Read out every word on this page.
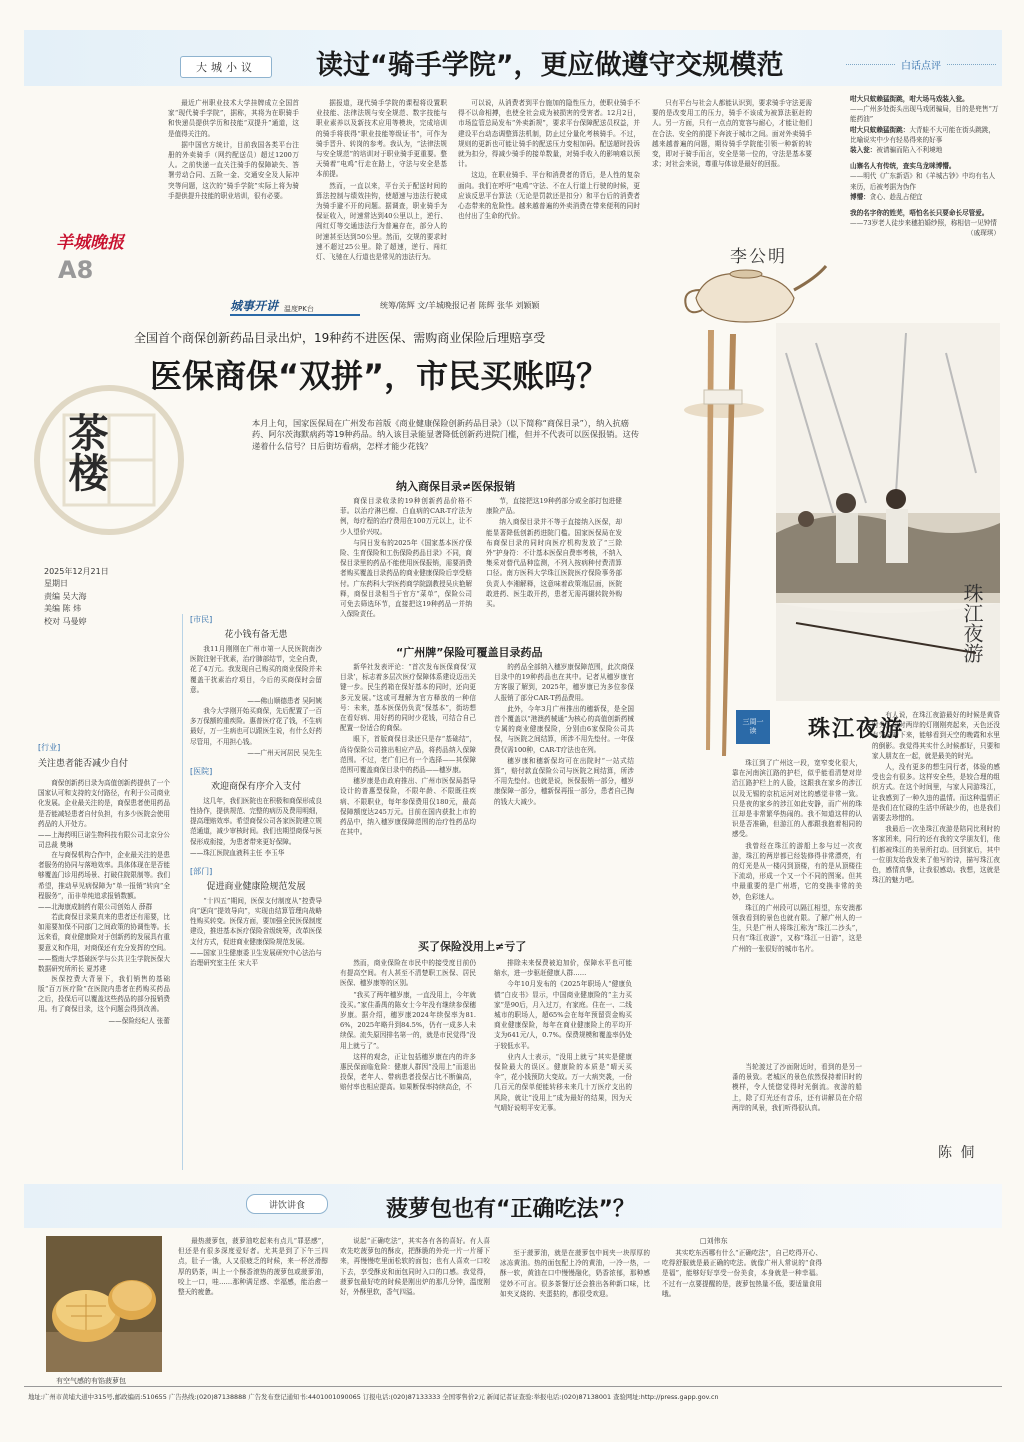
大城小议 读过“骑手学院”，更应做遵守交规模范
羊城晚报
A8

最近广州职业技术大学挂牌成立全国首家“现代骑手学院”，据称，其将为在职骑手和快递员提供学历和技能“双提升”通道，这是值得关注的。

据中国官方统计，目前我国各类平台注册的外卖骑手（网约配送员）超过1200万人。之前快递一直关注骑手的保障缺失、答署劳动合同、五险一金、交通安全及人际冲突等问题，这次的“骑手学院”实际上将为骑手提供提升技能的职业培训，很有必要。

据报道，现代骑手学院的课程将设置职业技能、法律法规与安全规范、数字技能与职业素养以及新技术应用等模块，完成培训的骑手将获得“职业技能等级证书”，可作为骑手晋升、转岗的参考。我认为，“法律法规与安全规范”的培训对于职业骑手更重要。整天骑着“电鸡”行走在路上，守法与安全是基本前提。

然而，一直以来，平台关于配送时间的算法控制与绩效挂钩，使超速与违法行驶成为骑手避不开的问题。据调查，职业骑手为保证收入，时速常达到40公里以上，逆行、闯红灯等交通违法行为普遍存在，部分人的时速甚至达到50公里。然而，交规的要求时速不超过25公里。除了超速，逆行、闯红灯、飞驰在人行道也是常见的违法行为。

可以说，从消费者到平台施加的隐性压力，使职业骑手不得不以命相搏，也使全社会成为被损害的受害者。12月2日，市场监管总局发布“外卖新规”，要求平台保障配送员权益，并建设平台动态调整算法机制，防止过分量化考核骑手。不过，规则的更新也可能让骑手的配送压力变相加码。配送超时投诉就为扣分，得减少骑手的接单数量，对骑手收入的影响难以预计。

这边，在职业骑手、平台和消费者的背后，是人性的复杂面向。我们在呼吁“电鸡”守法、不在人行道上行驶的时候，更应该反思平台算法（无论是罚款还是扣分）和平台后的消费者心态带来的危险性。越来越普遍的外卖消费在带来便利的同时也付出了生命的代价。

只有平台与社会人都能认识到，要求骑手守法更需要的是改变用工的压力，骑手不该成为被算法驱赶的人。另一方面，只有一点点的宽容与耐心，才能让他们在合法、安全的前提下奔波于城市之间。面对外卖骑手越来越普遍的问题，期待骑手学院能引领一种新的转变，即对于骑手而言，安全是第一位的，守法是基本要求；对社会来说，尊重与体谅是最好的回报。

李公明
白话点评
咁大只蚊赖猛街跳，咁大场马戏装入瓮。
——广州多处街头出现马戏团骗局，目的是兜售“万能药油”
咁大只蚊赖猛街跳：大青蛙不大可能在街头跳跳，比喻说实中少有轻易得来的好事
装入瓮：被请骗而陷入不利境地
山寨名人有传统，查实乌龙咪博懵。
——明代《广东新语》和《羊城古钞》中均有名人来历，后被考据为伪作
博懵：贪心、趁乱占便宜
我的名字你的姓芜，唔怕名长只要命长尽管爱。
——73岁老人徒步来穗拍婚纱照，称相信一见钟情
（戚琛琪）
城事开讲 温度PK台	统筹/陈辉 文/羊城晚报记者 陈辉 张华 刘颖颖
全国首个商保创新药品目录出炉，19种药不进医保、需购商业保险后理赔享受
医保商保“双拼”，市民买账吗？
本月上旬，国家医保局在广州发布首版《商业健康保险创新药品目录》（以下简称“商保目录”），纳入抗癌药、阿尔茨海默病药等19种药品。纳入该目录能显著降低创新药进院门槛，但并不代表可以医保报销。这传递着什么信号？日后街坊看病，怎样才能少花钱？
珠江夜游
纳入商保目录≠医保报销

商保目录收录的19种创新药品价格不菲。以治疗淋巴瘤、白血病的CAR-T疗法为例，每疗程的治疗费用在100万元以上，让不少人望价兴叹。

与同日发布的2025年《国家基本医疗保险、生育保险和工伤保险药品目录》不同，商保目录里的药品不能使用医保报销，需要消费者购买覆盖目录药品的商业健康保险后享受赔付。广东药科大学医药商学院副教授吴庆艳解释，商保目录相当于官方“菜单”，保险公司可免去筛选环节，直接把这19种药品一并纳入保险责任。

节，直接把这19种药部分或全部打包进健康险产品。

纳入商保目录并不等于直接纳入医保，却能显著降低创新药进院门槛。国家医保局在发布商保目录的同时向医疗机构发放了“三除外”护身符：不计基本医保自费率考核，不纳入集采对替代品种监测，不列入按病种付费清算口径。南方医科大学珠江医院医疗保险事务部负责人李湘解释，这意味着政策端层面，医院敢进药、医生敢开药，患者无需再辗转院外购买。

“广州牌”保险可覆盖目录药品

新华社发表评论：“首次发布医保商保‘双目录’，标志着多层次医疗保障体系建设迈出关键一步。民生药箱在保好基本的同时，还向更多元发展。”这或可理解为官方释放的一种信号：未来，基本医保仍负责“保基本”，街坊想在看好病、用好药的同时少花钱，可结合自己配置一份适合的商保。

眼下，首版商保目录还只是存“基础结”，尚待保险公司推出相应产品，将药品纳入保障范围。不过，老广们已有一个选择——其保障范围可覆盖商保目录中的药品——穗岁康。

穗岁康是由政府推出、广州市医保局指导设计的普惠型保险，不限年龄、不限既往疾病、不限职业，每年参保费用仅180元，最高保障额度达245万元。目前在国内获批上市的药品中，纳入穗岁康保障范围的治疗性药品均在其中。

的药品全部纳入穗岁康保障范围，此次商保目录中的19种药品也在其中。记者从穗岁康官方客服了解到，2025年，穗岁康已为多位参保人报销了部分CAR-T药品费用。

此外，今年3月广州推出的穗新保，是全国首个覆盖以“港澳药械通”为核心的高值创新药械专属的商业健康保险，分别由6家保险公司共保，与医院之间结算，所涉不用先垫付。一年保费仅需100种，CAR-T疗法也在列。

穗岁康和穗新保均可在出院时“一站式结算”，赔付款直保险公司与医院之间结算，所涉不用先垫付。也就是说，医保报销一部分，穗岁康保障一部分，穗新保再报一部分，患者自己掏的钱大大减少。

买了保险没用上≠亏了

然而，商业保险在市民中的接受度目前仍有提高空间。有人甚至不清楚职工医保、居民医保、穗岁康等的区别。

“我买了两年穗岁康，一直没用上，今年就没买。”家住番禺的陈女士今年没有继续参保穗岁康。据介绍，穗岁康2024年续保率为81.6%，2025年略升到84.5%，仍有一成多人未续保。流失原因排名第一的，就是市民觉得“没用上就亏了”。

这样的观念，正让包括穗岁康在内的许多惠民保面临危险：健康人群因“没用上”而退出投保，老年人、带病患者投保占比不断偏高，赔付率也相应提高。如果断保率持续高企，不

排除未来保费被迫加价，保障水平也可能缩水，进一步驱赶健康人群……

今年10月发布的《2025年职场人“健康负债”白皮书》显示，中国商业健康险的“主力买家”是90后，月入过万，有家庭。住在一、二线城市的职场人，超65%会在每年预留资金购买商业健康保险，每年在商业健康险上的平均开支为641元/人，0.7%。保费规模和覆盖率仍处于较低水平。

业内人士表示，“没用上就亏”其实是健康保险最大的误区。健康险的本质是“晴天买伞”，花小钱预防大变故。万一大病突袭，一份几百元的保单便能转移未来几十万医疗支出的风险，就让“没用上”成为最好的结果，因为天气晴好说明平安无事。

茶楼
2025年12月21日
星期日
责编 吴大海
美编 陈 炜
校对 马曼婷
[行业]
关注患者能否减少自付

商保创新药目录为高值创新药提供了一个国家认可和支持的支付路径，有利于公司商业化发展。企业最关注的是，商保患者使用药品是否能减轻患者自付负担，有多少医院会使用药品的人开处方。

——上海药明巨诺生物科技有限公司北京分公司总裁 樊琳

在与商保机构合作中，企业最关注的是患者服务的协同与落地效率。具体体现在是否能够覆盖门诊用药场景、打破住院限制等。我们希望，推动早见病保障为“单一报销”转向“全程服务”，而非单纯追求报销数额。

——北海康成制药有限公司创始人 薛群

若此商保目录果真来的患者还有需要，比如需要加保不同部门之间政策的协调性等。长远来看，商业健康险对于创新药的发展具有重要意义和作用，对商保还有充分发挥的空间。

——暨南大学基础医学与公共卫生学院医保大数据研究所所长 夏苏建

医保控费大背景下，我们销售的基础版“百万医疗险”在医院内患者在药购买药品之后，投保后可以覆盖这些药品的部分报销费用。有了商保目录，这个问题会得到改善。

——保险经纪人 张蕾
[市民]
花小钱有备无患

我11月刚刚在广州市第一人民医院南沙医院注射干扰素，治疗肺部结节，完全自费，花了4万元。我发现自己购买的商业保险并未覆盖干扰素治疗项目，今后的买商保时会留意。

——佛山顺德患者 吴阿姨

我今大学刚开始买商保，先后配置了一百多万保额的重疾险。惠普医疗花了钱，不生病最好，万一生病也可以跟医生说，有什么好药尽管用，不用担心钱。

——广州天河居民 吴先生
[医院]
欢迎商保有序介入支付

这几年，我们医院也在积极和商保形成良性协作，提供规范、完整的病历及费用明细，提高理赔效率。希望商保公司各家医院建立规范通道，减少审核时间。我们也期望商保与医保形成衔接，为患者带来更好保障。

——珠江医院血液科主任 李玉华
[部门]
促进商业健康险规范发展

“十四五”期间，医保支付制度从“控费导向”逐向“提效导向”，实现由结算管理向战略性购买转变。医保方面，要加强全民医保制度建设，推进基本医疗保险省级统筹，改革医保支付方式，促进商业健康保险规范发展。

——国家卫生健康委卫生发展研究中心法治与治理研究室主任 宋大平
三周一读	珠江夜游

珠江到了广州这一段，宽窄变化很大，靠在河南滨江路的护栏，似乎能看清楚对岸沿江路护栏上的人脸，这跟我在家乡的涉江以及无锡的京杭运河对比的感觉非常一致。只是夜的家乡的涉江如此安静，而广州的珠江却是非常繁华热闹的。我不知道这样的认识是否准确，但游江的人都跟我抱着相同的感受。

我曾经在珠江的游船上参与过一次夜游，珠江的两岸都已经装修得非常漂亮，有的灯光是从一楼闪到顶楼，有的是从顶楼往下流动，形成一个又一个不同的图案。但其中最重要的是广州塔，它的变换非常的美妙，色彩迷人。

珠江的广州段可以隔江相望，东安澳都领我看到的景色也就有限。了解广州人的一生，只是广州人将珠江称为“珠江二沙头”，只有“珠江夜游”，又称“珠江一日游”，这是广州的一张很好的城市名片。

当轮渡过了沙面附近时，看到的是另一番的景致。老城区的景色依然保持着旧时的模样，令人恍惚觉得时光倒流。夜游的船上，除了灯光还有音乐，还有讲解员在介绍两岸的风景，我们听得很认真。

有人说，在珠江夜游最好的时候是黄昏时分，这时两岸的灯刚刚亮起来，天色还没有完全暗下来，能够看到天空的晚霞和水里的倒影。我觉得其实什么时候都好，只要和家人朋友在一起，就是最美的时光。

人，没有更多的想生同行者，体验的感受也会有很多。这样安全些，是较合理的组织方式。在这个时间里，与家人同游珠江，让我感到了一种久违的温情。而这种温情正是我们在忙碌的生活中所缺少的，也是我们需要去珍惜的。

我最后一次坐珠江夜游是陪同比利时的客家团来，同行的还有我的文学朋友们，他们都被珠江的美景所打动。回到家后，其中一位朋友给我发来了他写的诗，描写珠江夜色，感情真挚，让我很感动。我想，这就是珠江的魅力吧。

陈 侗
讲饮讲食	菠萝包也有“正确吃法”？
□刘伟东
有空气感的有馅菠萝包

最热菠萝包，菠萝油吃起来有点儿“罪恶感”，但还是有很多深度爱好者。尤其是到了下午三四点，肚子一饿，人又很疲乏的时候，来一杯丝滑醇厚的奶茶，叫上一个酥香滚热的菠萝包或菠萝油，咬上一口，哇……那种满足感、幸福感，能治愈一整天的疲惫。

说起“正确吃法”，其实各有各的喜好。有人喜欢先吃菠萝包的酥皮，把酥脆的外壳一片一片掰下来，再慢慢吃里面松软的面包；也有人喜欢一口咬下去，享受酥皮和面包同时入口的口感。我觉得，菠萝包最好吃的时候是刚出炉的那几分钟，温度刚好，外酥里软，香气四溢。

至于菠萝油，就是在菠萝包中间夹一块厚厚的冰冻黄油。热的面包配上冷的黄油，一冷一热，一酥一软，黄油在口中慢慢融化，奶香浓郁，那种感觉妙不可言。很多茶餐厅还会推出各种新口味，比如夹叉烧的、夹蛋挞的，都很受欢迎。

其实吃东西哪有什么“正确吃法”，自己吃得开心、吃得舒服就是最正确的吃法。就像广州人常说的“食得是福”，能够好好享受一份美食，本身就是一种幸福。不过有一点要提醒的是，菠萝包热量不低，要适量食用哦。

地址:广州市黄埔大道中315号,邮政编码:510655 广告热线:(020)87138888 广告发布登记通知书:4401001090065 订报电话:(020)87133333 全国零售价2元 新闻记者证查验:举报电话:(020)87138001 查验网址:http://press.gapp.gov.cn
